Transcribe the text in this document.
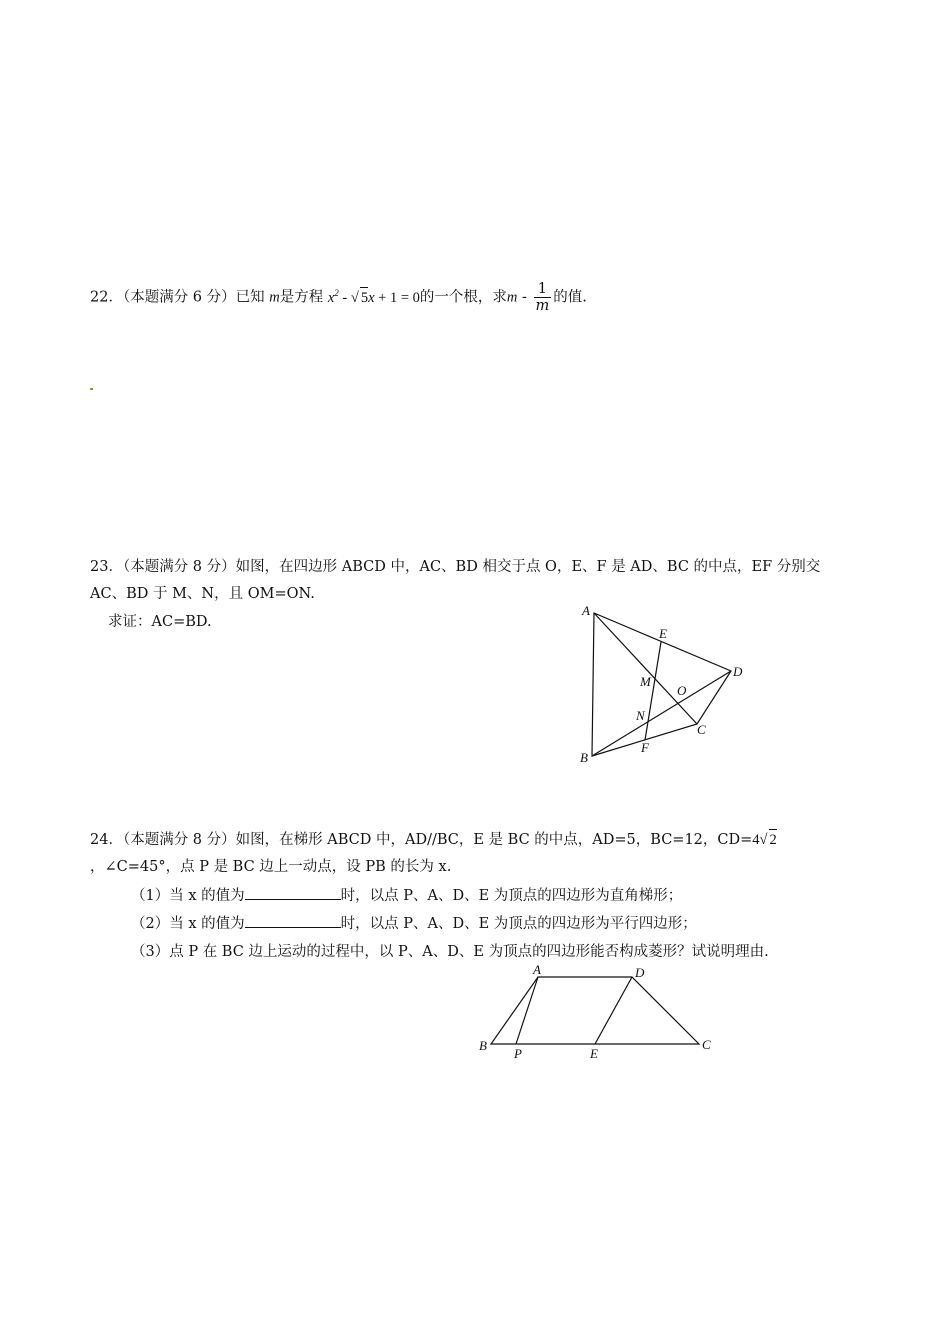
22．（本题满分 6 分）已知 m是方程 $x^2$ - √ 5x + 1 = 0的一个根，求m - $\frac{1}{m}$ 的值.
23．（本题满分 8 分）如图，在四边形 ABCD 中，AC、BD 相交于点 O，E、F 是 AD、BC 的中点，EF 分别交
AC、BD 于 M、N，且 OM=ON.
求证：AC=BD.
A
B
C
D
E
F
M
N
O
24．（本题满分 8 分）如图，在梯形 ABCD 中，AD//BC，E 是 BC 的中点，AD=5，BC=12，CD=4√ 2
，∠C=45°，点 P 是 BC 边上一动点，设 PB 的长为 x.
（1）当 x 的值为	时，以点 P、A、D、E 为顶点的四边形为直角梯形；
（2）当 x 的值为	时，以点 P、A、D、E 为顶点的四边形为平行四边形；
（3）点 P 在 BC 边上运动的过程中，以 P、A、D、E 为顶点的四边形能否构成菱形？试说明理由.
A	D
B	C
P	E
